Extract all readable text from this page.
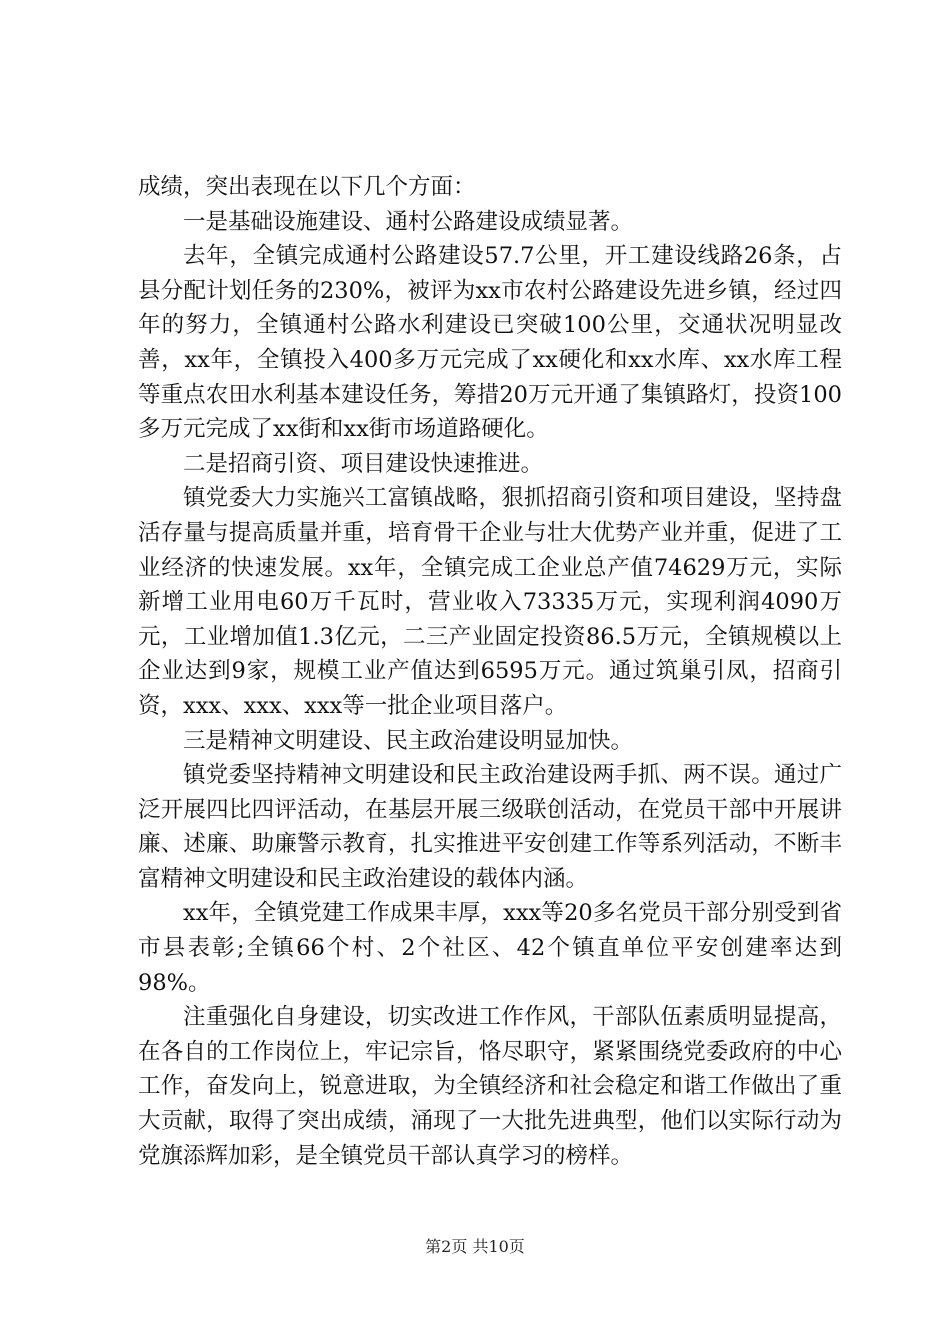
成绩，突出表现在以下几个方面：

一是基础设施建设、通村公路建设成绩显著。

去年，全镇完成通村公路建设57.7公里，开工建设线路26条，占县分配计划任务的230%，被评为xx市农村公路建设先进乡镇，经过四年的努力，全镇通村公路水利建设已突破100公里，交通状况明显改善，xx年，全镇投入400多万元完成了xx硬化和xx水库、xx水库工程等重点农田水利基本建设任务，筹措20万元开通了集镇路灯，投资100多万元完成了xx街和xx街市场道路硬化。

二是招商引资、项目建设快速推进。

镇党委大力实施兴工富镇战略，狠抓招商引资和项目建设，坚持盘活存量与提高质量并重，培育骨干企业与壮大优势产业并重，促进了工业经济的快速发展。xx年，全镇完成工企业总产值74629万元，实际新增工业用电60万千瓦时，营业收入73335万元，实现利润4090万元，工业增加值1.3亿元，二三产业固定投资86.5万元，全镇规模以上企业达到9家，规模工业产值达到6595万元。通过筑巢引凤，招商引资，xxx、xxx、xxx等一批企业项目落户。

三是精神文明建设、民主政治建设明显加快。

镇党委坚持精神文明建设和民主政治建设两手抓、两不误。通过广泛开展四比四评活动，在基层开展三级联创活动，在党员干部中开展讲廉、述廉、助廉警示教育，扎实推进平安创建工作等系列活动，不断丰富精神文明建设和民主政治建设的载体内涵。

xx年，全镇党建工作成果丰厚，xxx等20多名党员干部分别受到省市县表彰;全镇66个村、2个社区、42个镇直单位平安创建率达到98%。

注重强化自身建设，切实改进工作作风，干部队伍素质明显提高，在各自的工作岗位上，牢记宗旨，恪尽职守，紧紧围绕党委政府的中心工作，奋发向上，锐意进取，为全镇经济和社会稳定和谐工作做出了重大贡献，取得了突出成绩，涌现了一大批先进典型，他们以实际行动为党旗添辉加彩，是全镇党员干部认真学习的榜样。

第2页 共10页
